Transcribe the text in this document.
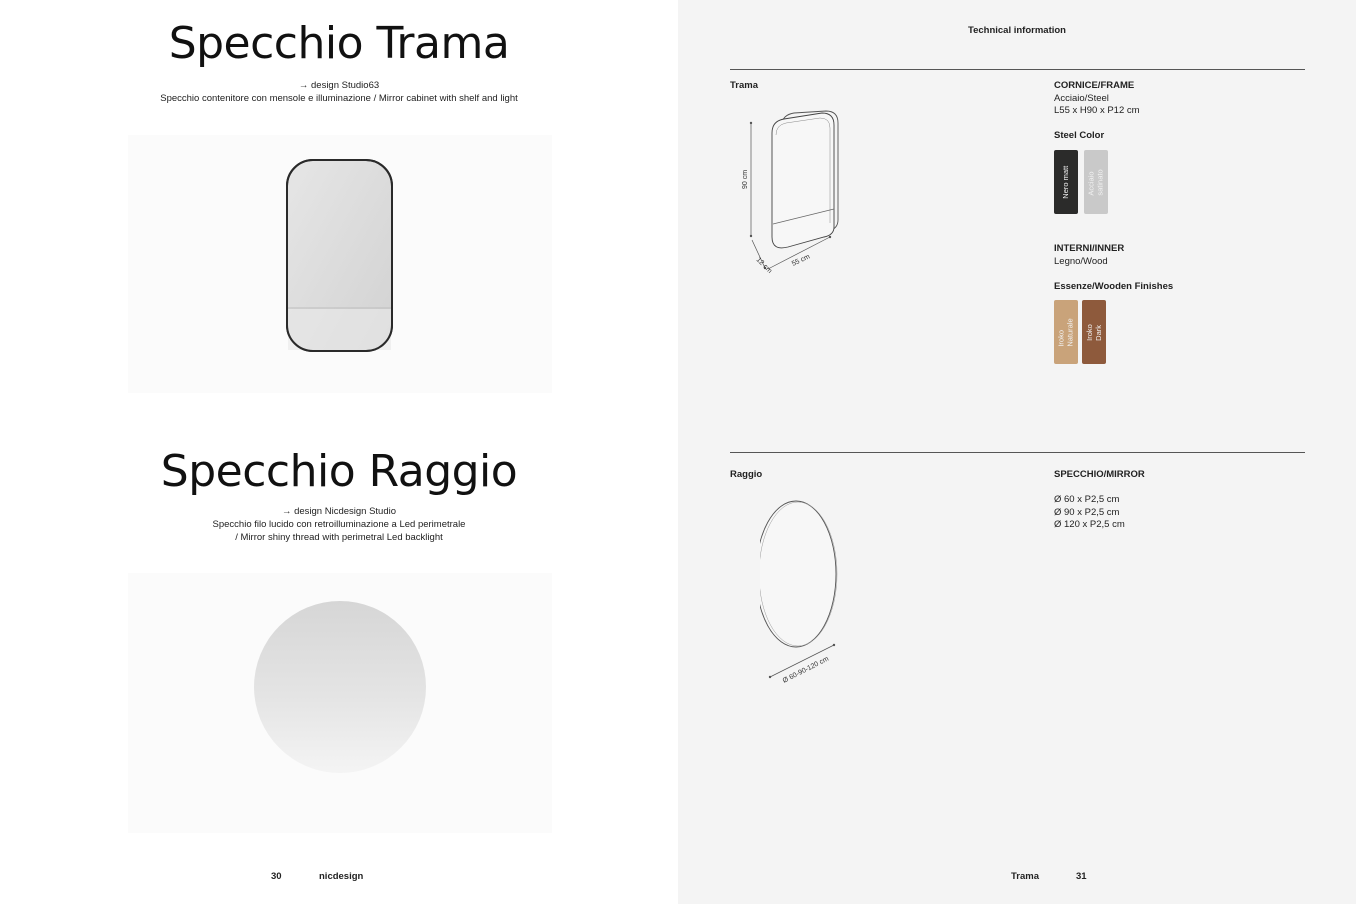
Specchio Trama
→ design Studio63
Specchio contenitore con mensole e illuminazione / Mirror cabinet with shelf and light
Specchio Raggio
→ design Nicdesign Studio
Specchio filo lucido con retroilluminazione a Led perimetrale
/ Mirror shiny thread with perimetral Led backlight
30	nicdesign
Technical information
Trama
90 cm
12 cm	55 cm
CORNICE/FRAME
Acciaio/Steel
L55 x H90 x P12 cm
Steel Color
Nero matt Acciaio satinato
INTERNI/INNER
Legno/Wood
Essenze/Wooden Finishes
Iroko Naturale Iroko Dark
Raggio
Ø 60-90-120 cm
SPECCHIO/MIRROR
Ø 60 x P2,5 cm
Ø 90 x P2,5 cm
Ø 120 x P2,5 cm
Trama	31
